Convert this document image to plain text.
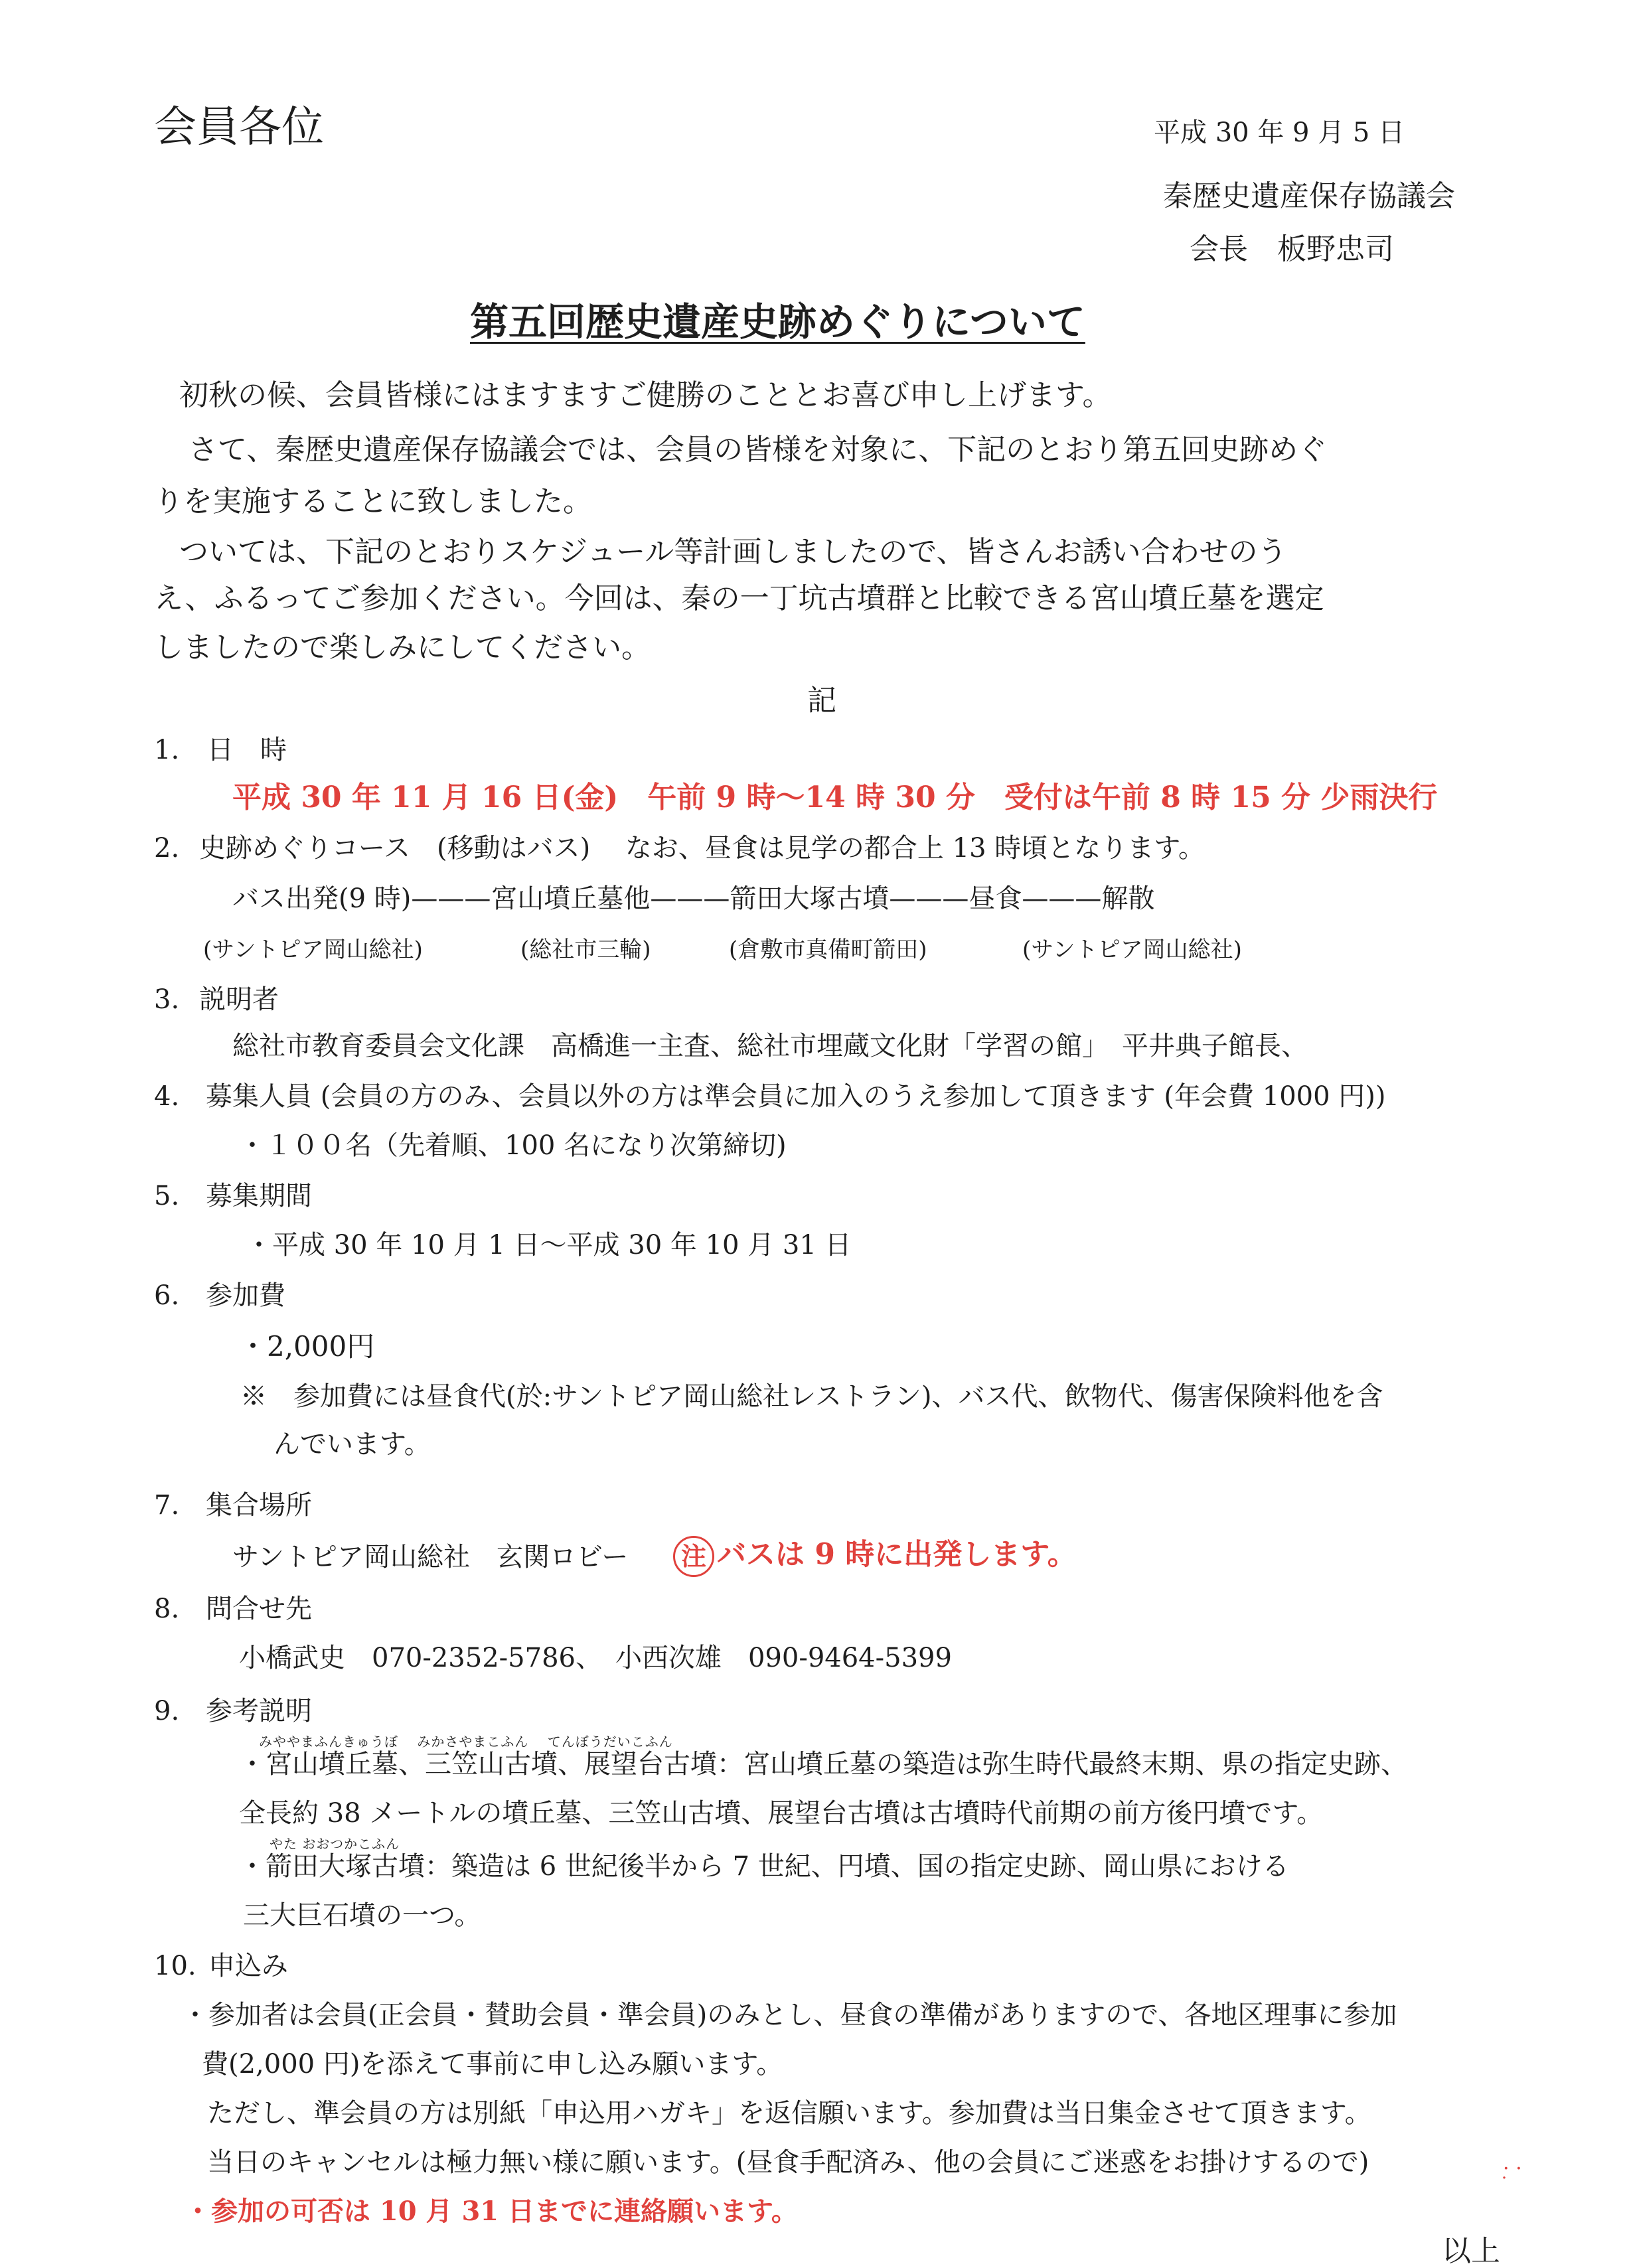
会員各位	平成 30 年 9 月 5 日
秦歴史遺産保存協議会
会長　板野忠司
第五回歴史遺産史跡めぐりについて
初秋の候、会員皆様にはますますご健勝のこととお喜び申し上げます。
さて、秦歴史遺産保存協議会では、会員の皆様を対象に、下記のとおり第五回史跡めぐ
りを実施することに致しました。
ついては、下記のとおりスケジュール等計画しましたので、皆さんお誘い合わせのう
え、ふるってご参加ください。今回は、秦の一丁坑古墳群と比較できる宮山墳丘墓を選定
しましたので楽しみにしてください。
記
1. 日　時
平成 30 年 11 月 16 日(金)　午前 9 時～14 時 30 分　受付は午前 8 時 15 分 少雨決行
2. 史跡めぐりコース　(移動はバス)　 なお、昼食は見学の都合上 13 時頃となります。
バス出発(9 時)———宮山墳丘墓他———箭田大塚古墳———昼食———解散
(サントピア岡山総社)	(総社市三輪)	(倉敷市真備町箭田)	(サントピア岡山総社)
3. 説明者
総社市教育委員会文化課　高橋進一主査、総社市埋蔵文化財「学習の館」　平井典子館長、
4. 募集人員 (会員の方のみ、会員以外の方は準会員に加入のうえ参加して頂きます (年会費 1000 円))
・１００名（先着順、100 名になり次第締切)
5. 募集期間
・平成 30 年 10 月 1 日～平成 30 年 10 月 31 日
6. 参加費
・2,000円
※　参加費には昼食代(於:サントピア岡山総社レストラン)、バス代、飲物代、傷害保険料他を含
んでいます。
7. 集合場所
サントピア岡山総社　玄関ロビー	注 バスは 9 時に出発します。
8. 問合せ先
小橋武史　070-2352-5786、　小西次雄　090-9464-5399
9. 参考説明
みややまふんきゅうぼ　 みかさやまこふん　 てんぼうだいこふん
・宮山墳丘墓、三笠山古墳、展望台古墳：宮山墳丘墓の築造は弥生時代最終末期、県の指定史跡、
全長約 38 メートルの墳丘墓、三笠山古墳、展望台古墳は古墳時代前期の前方後円墳です。
やた おおつかこふん
・箭田大塚古墳：築造は 6 世紀後半から 7 世紀、円墳、国の指定史跡、岡山県における
三大巨石墳の一つ。
10. 申込み
・参加者は会員(正会員・賛助会員・準会員)のみとし、昼食の準備がありますので、各地区理事に参加
費(2,000 円)を添えて事前に申し込み願います。
ただし、準会員の方は別紙「申込用ハガキ」を返信願います。参加費は当日集金させて頂きます。
当日のキャンセルは極力無い様に願います。(昼食手配済み、他の会員にご迷惑をお掛けするので)
・参加の可否は 10 月 31 日までに連絡願います。
以上
·̣ ·
